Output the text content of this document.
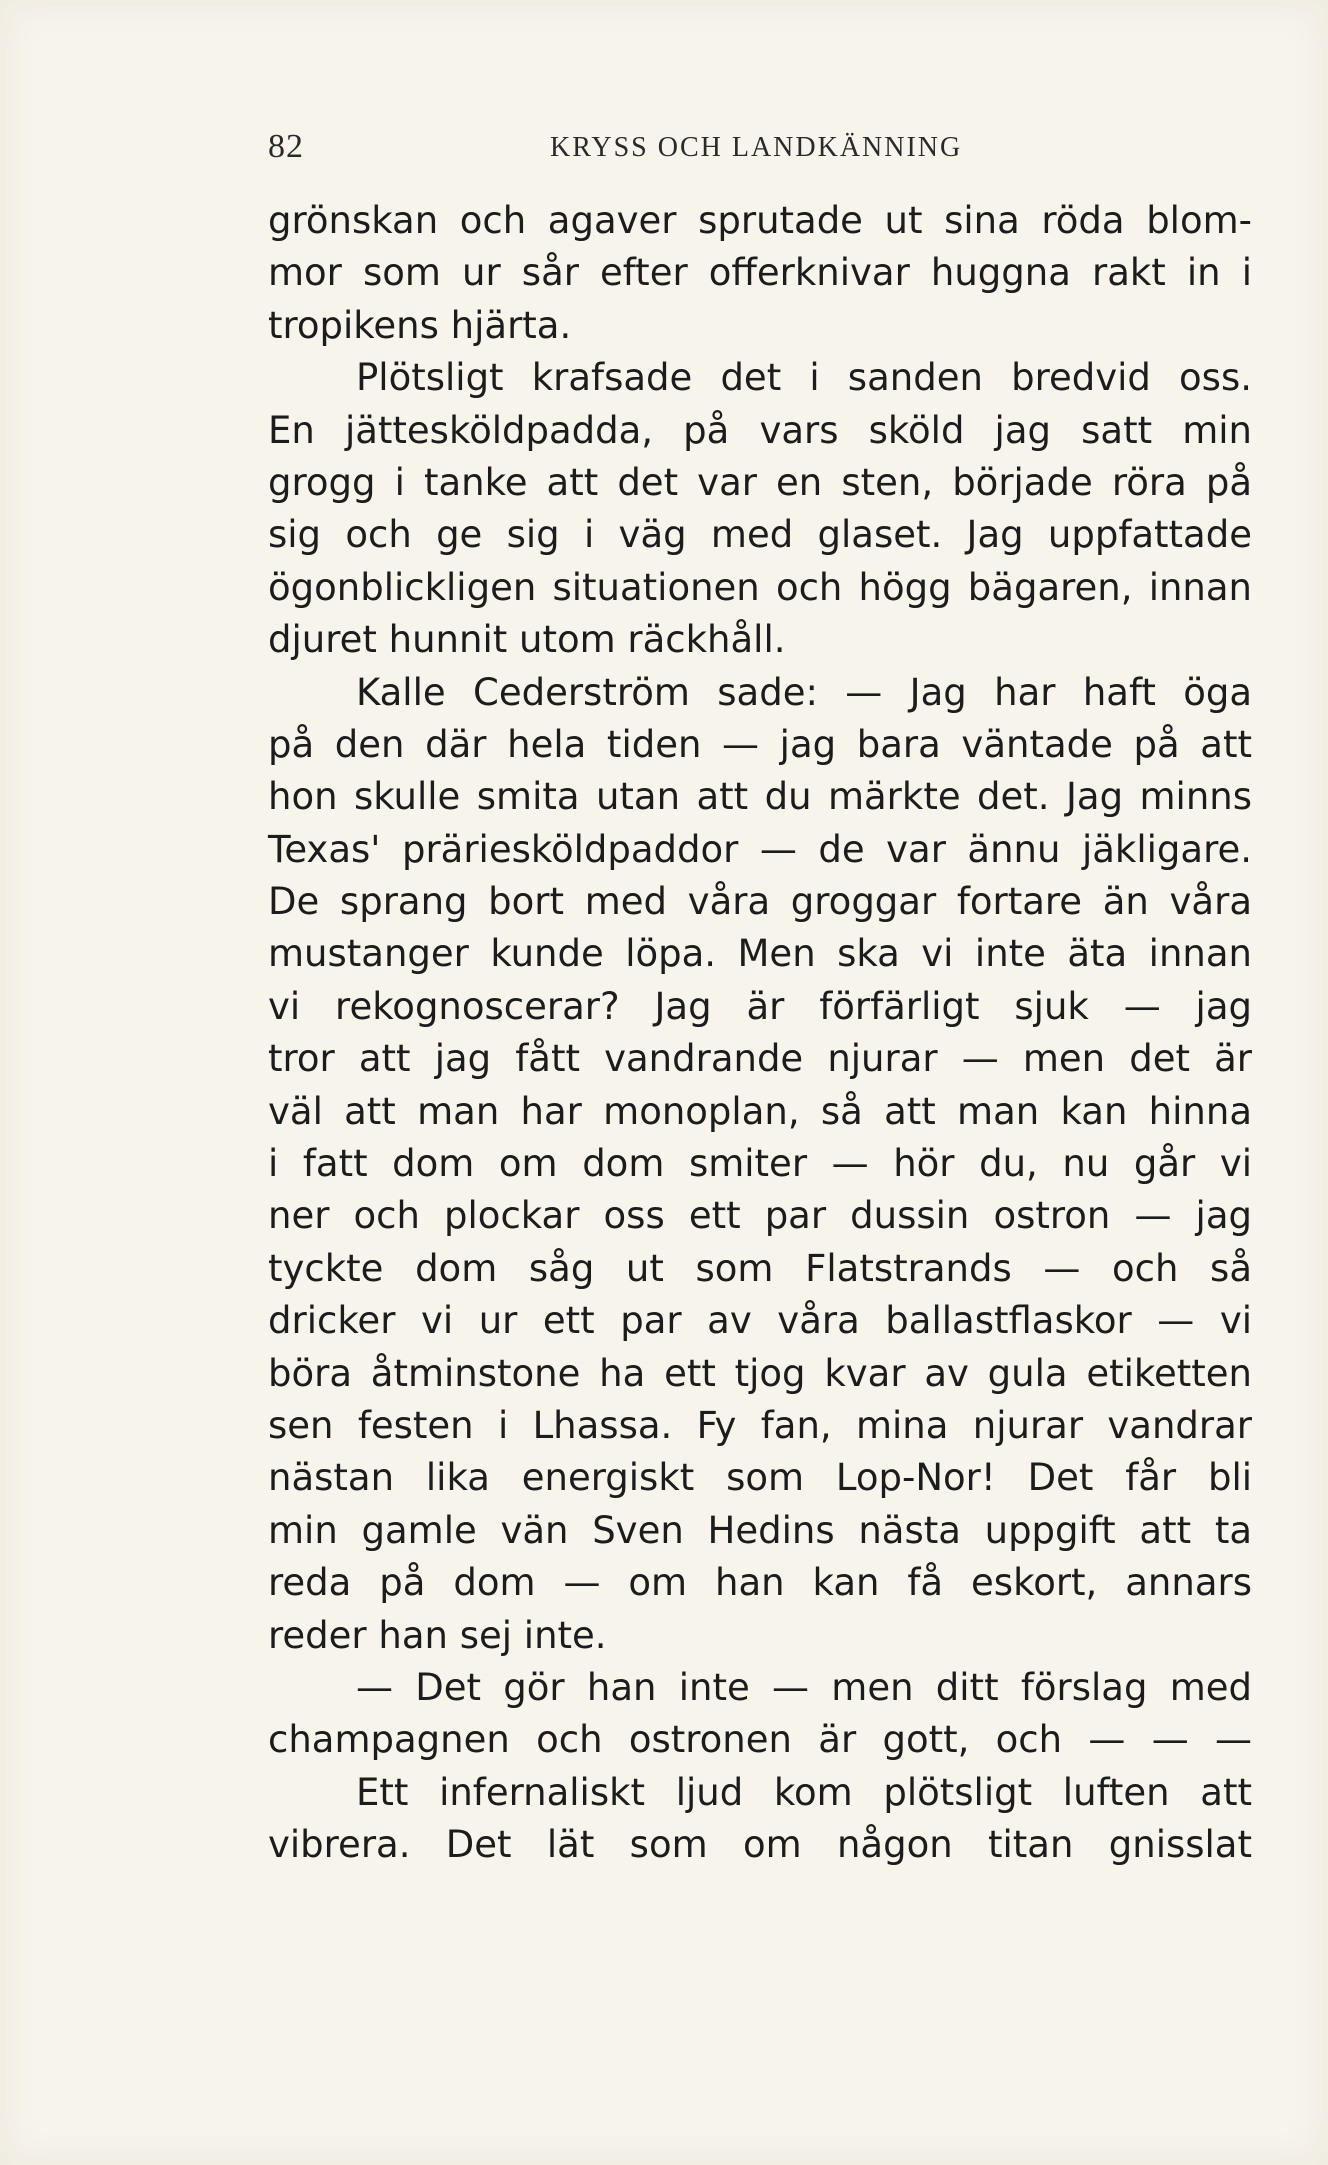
82	KRYSS OCH LANDKÄNNING
grönskan och agaver sprutade ut sina röda blom-
mor som ur sår efter offerknivar huggna rakt in i
tropikens hjärta.
Plötsligt krafsade det i sanden bredvid oss.
En jättesköldpadda, på vars sköld jag satt min
grogg i tanke att det var en sten, började röra på
sig och ge sig i väg med glaset. Jag uppfattade
ögonblickligen situationen och högg bägaren, innan
djuret hunnit utom räckhåll.
Kalle Cederström sade: — Jag har haft öga
på den där hela tiden — jag bara väntade på att
hon skulle smita utan att du märkte det. Jag minns
Texas' präriesköldpaddor — de var ännu jäkligare.
De sprang bort med våra groggar fortare än våra
mustanger kunde löpa. Men ska vi inte äta innan
vi rekognoscerar? Jag är förfärligt sjuk — jag
tror att jag fått vandrande njurar — men det är
väl att man har monoplan, så att man kan hinna
i fatt dom om dom smiter — hör du, nu går vi
ner och plockar oss ett par dussin ostron — jag
tyckte dom såg ut som Flatstrands — och så
dricker vi ur ett par av våra ballastflaskor — vi
böra åtminstone ha ett tjog kvar av gula etiketten
sen festen i Lhassa. Fy fan, mina njurar vandrar
nästan lika energiskt som Lop-Nor! Det får bli
min gamle vän Sven Hedins nästa uppgift att ta
reda på dom — om han kan få eskort, annars
reder han sej inte.
— Det gör han inte — men ditt förslag med
champagnen och ostronen är gott, och — — —
Ett infernaliskt ljud kom plötsligt luften att
vibrera. Det lät som om någon titan gnisslat
